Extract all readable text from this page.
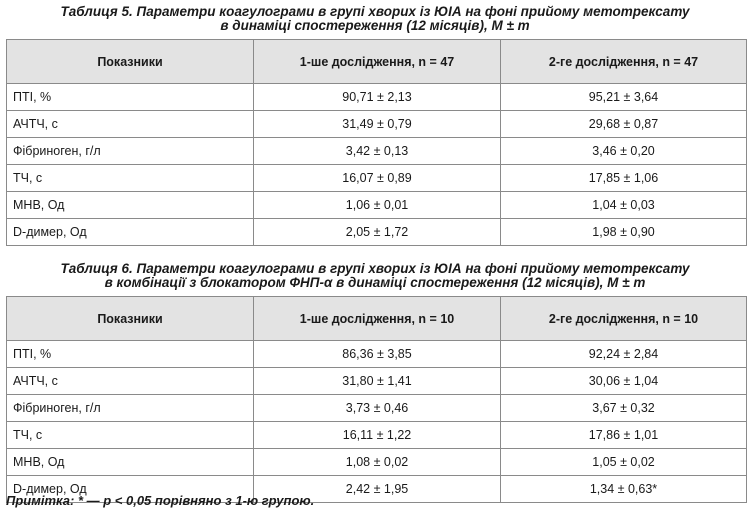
Таблиця 5. Параметри коагулограми в групі хворих із ЮІА на фоні прийому метотрексату
в динаміці спостереження (12 місяців), M ± m
Показники	1-ше дослідження, n = 47	2-ге дослідження, n = 47
ПТІ, %	90,71 ± 2,13	95,21 ± 3,64
АЧТЧ, с	31,49 ± 0,79	29,68 ± 0,87
Фібриноген, г/л	3,42 ± 0,13	3,46 ± 0,20
ТЧ, с	16,07 ± 0,89	17,85 ± 1,06
МНВ, Од	1,06 ± 0,01	1,04 ± 0,03
D-димер, Од	2,05 ± 1,72	1,98 ± 0,90
Таблиця 6. Параметри коагулограми в групі хворих із ЮІА на фоні прийому метотрексату
в комбінації з блокатором ФНП-α в динаміці спостереження (12 місяців), M ± m
Показники	1-ше дослідження, n = 10	2-ге дослідження, n = 10
ПТІ, %	86,36 ± 3,85	92,24 ± 2,84
АЧТЧ, с	31,80 ± 1,41	30,06 ± 1,04
Фібриноген, г/л	3,73 ± 0,46	3,67 ± 0,32
ТЧ, с	16,11 ± 1,22	17,86 ± 1,01
МНВ, Од	1,08 ± 0,02	1,05 ± 0,02
D-димер, Од	2,42 ± 1,95	1,34 ± 0,63*
Примітка: * — p < 0,05 порівняно з 1-ю групою.
